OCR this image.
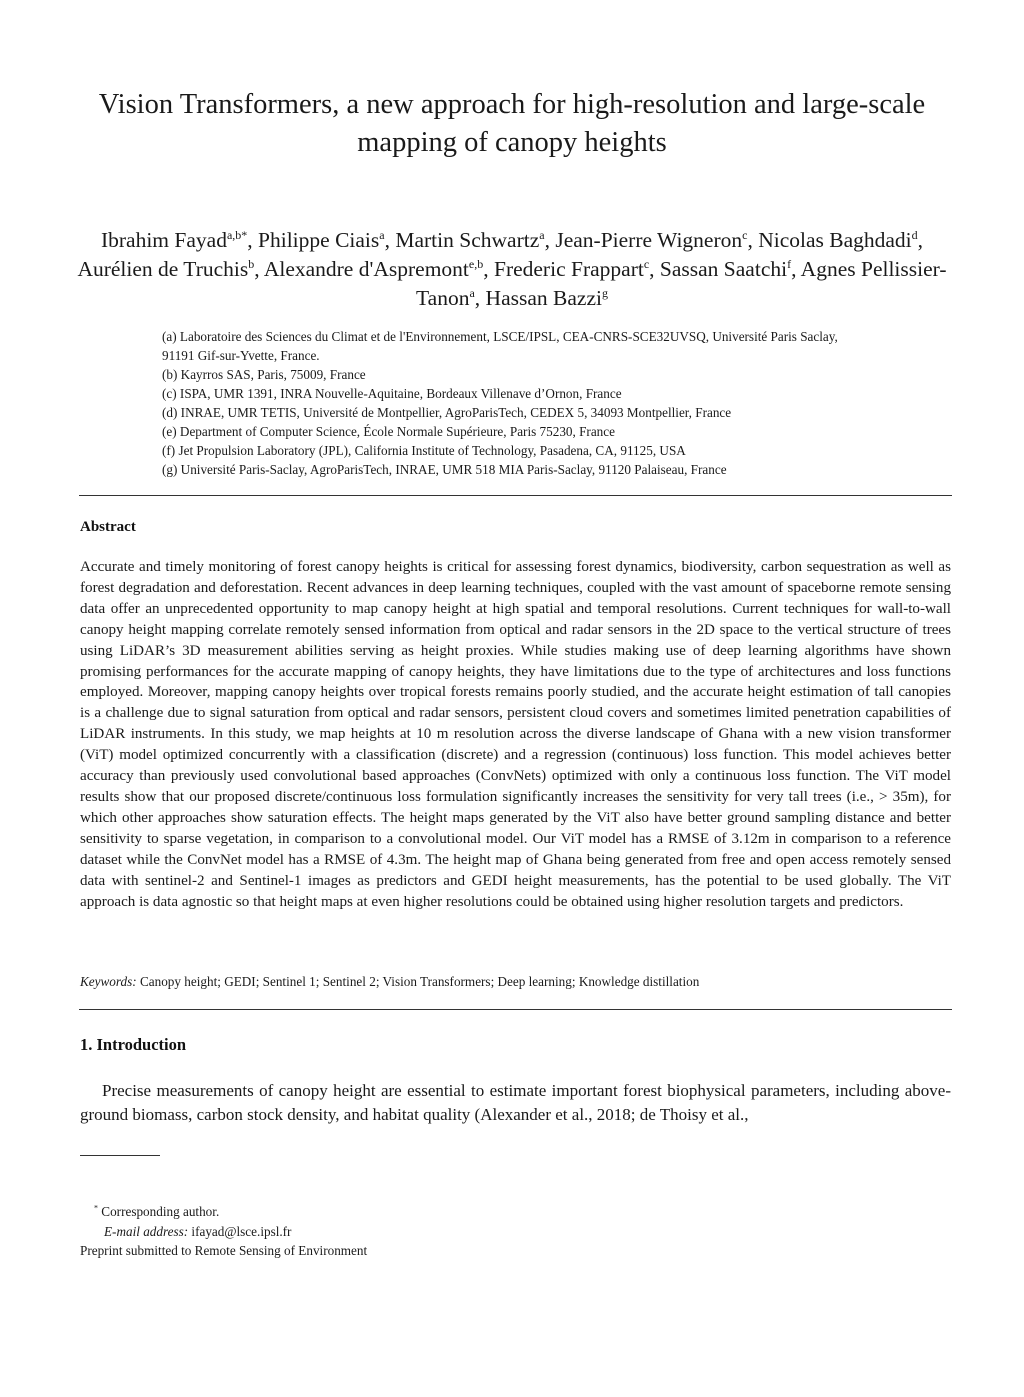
Vision Transformers, a new approach for high-resolution and large-scale mapping of canopy heights
Ibrahim Fayad$^{a,b*}$, Philippe Ciais$^a$, Martin Schwartz$^a$, Jean-Pierre Wigneron$^c$, Nicolas Baghdadi$^d$, Aurélien de Truchis$^b$, Alexandre d'Aspremont$^{e,b}$, Frederic Frappart$^c$, Sassan Saatchi$^f$, Agnes Pellissier-Tanon$^a$, Hassan Bazzi$^g$
(a) Laboratoire des Sciences du Climat et de l'Environnement, LSCE/IPSL, CEA-CNRS-SCE32UVSQ, Université Paris Saclay,
91191 Gif-sur-Yvette, France.
(b) Kayrros SAS, Paris, 75009, France
(c) ISPA, UMR 1391, INRA Nouvelle-Aquitaine, Bordeaux Villenave d’Ornon, France
(d) INRAE, UMR TETIS, Université de Montpellier, AgroParisTech, CEDEX 5, 34093 Montpellier, France
(e) Department of Computer Science, École Normale Supérieure, Paris 75230, France
(f) Jet Propulsion Laboratory (JPL), California Institute of Technology, Pasadena, CA, 91125, USA
(g) Université Paris-Saclay, AgroParisTech, INRAE, UMR 518 MIA Paris-Saclay, 91120 Palaiseau, France
Abstract
Accurate and timely monitoring of forest canopy heights is critical for assessing forest dynamics, biodiversity, carbon sequestration as well as forest degradation and deforestation. Recent advances in deep learning techniques, coupled with the vast amount of spaceborne remote sensing data offer an unprecedented opportunity to map canopy height at high spatial and temporal resolutions. Current techniques for wall-to-wall canopy height mapping correlate remotely sensed information from optical and radar sensors in the 2D space to the vertical structure of trees using LiDAR’s 3D measurement abilities serving as height proxies. While studies making use of deep learning algorithms have shown promising performances for the accurate mapping of canopy heights, they have limitations due to the type of architectures and loss functions employed. Moreover, mapping canopy heights over tropical forests remains poorly studied, and the accurate height estimation of tall canopies is a challenge due to signal saturation from optical and radar sensors, persistent cloud covers and sometimes limited penetration capabilities of LiDAR instruments. In this study, we map heights at 10 m resolution across the diverse landscape of Ghana with a new vision transformer (ViT) model optimized concurrently with a classification (discrete) and a regression (continuous) loss function. This model achieves better accuracy than previously used convolutional based approaches (ConvNets) optimized with only a continuous loss function. The ViT model results show that our proposed discrete/continuous loss formulation significantly increases the sensitivity for very tall trees (i.e., > 35m), for which other approaches show saturation effects. The height maps generated by the ViT also have better ground sampling distance and better sensitivity to sparse vegetation, in comparison to a convolutional model. Our ViT model has a RMSE of 3.12m in comparison to a reference dataset while the ConvNet model has a RMSE of 4.3m. The height map of Ghana being generated from free and open access remotely sensed data with sentinel-2 and Sentinel-1 images as predictors and GEDI height measurements, has the potential to be used globally. The ViT approach is data agnostic so that height maps at even higher resolutions could be obtained using higher resolution targets and predictors.
Keywords: Canopy height; GEDI; Sentinel 1; Sentinel 2; Vision Transformers; Deep learning; Knowledge distillation
1. Introduction
Precise measurements of canopy height are essential to estimate important forest biophysical parameters, including above-ground biomass, carbon stock density, and habitat quality (Alexander et al., 2018; de Thoisy et al.,
* Corresponding author.
E-mail address: ifayad@lsce.ipsl.fr
Preprint submitted to Remote Sensing of Environment
